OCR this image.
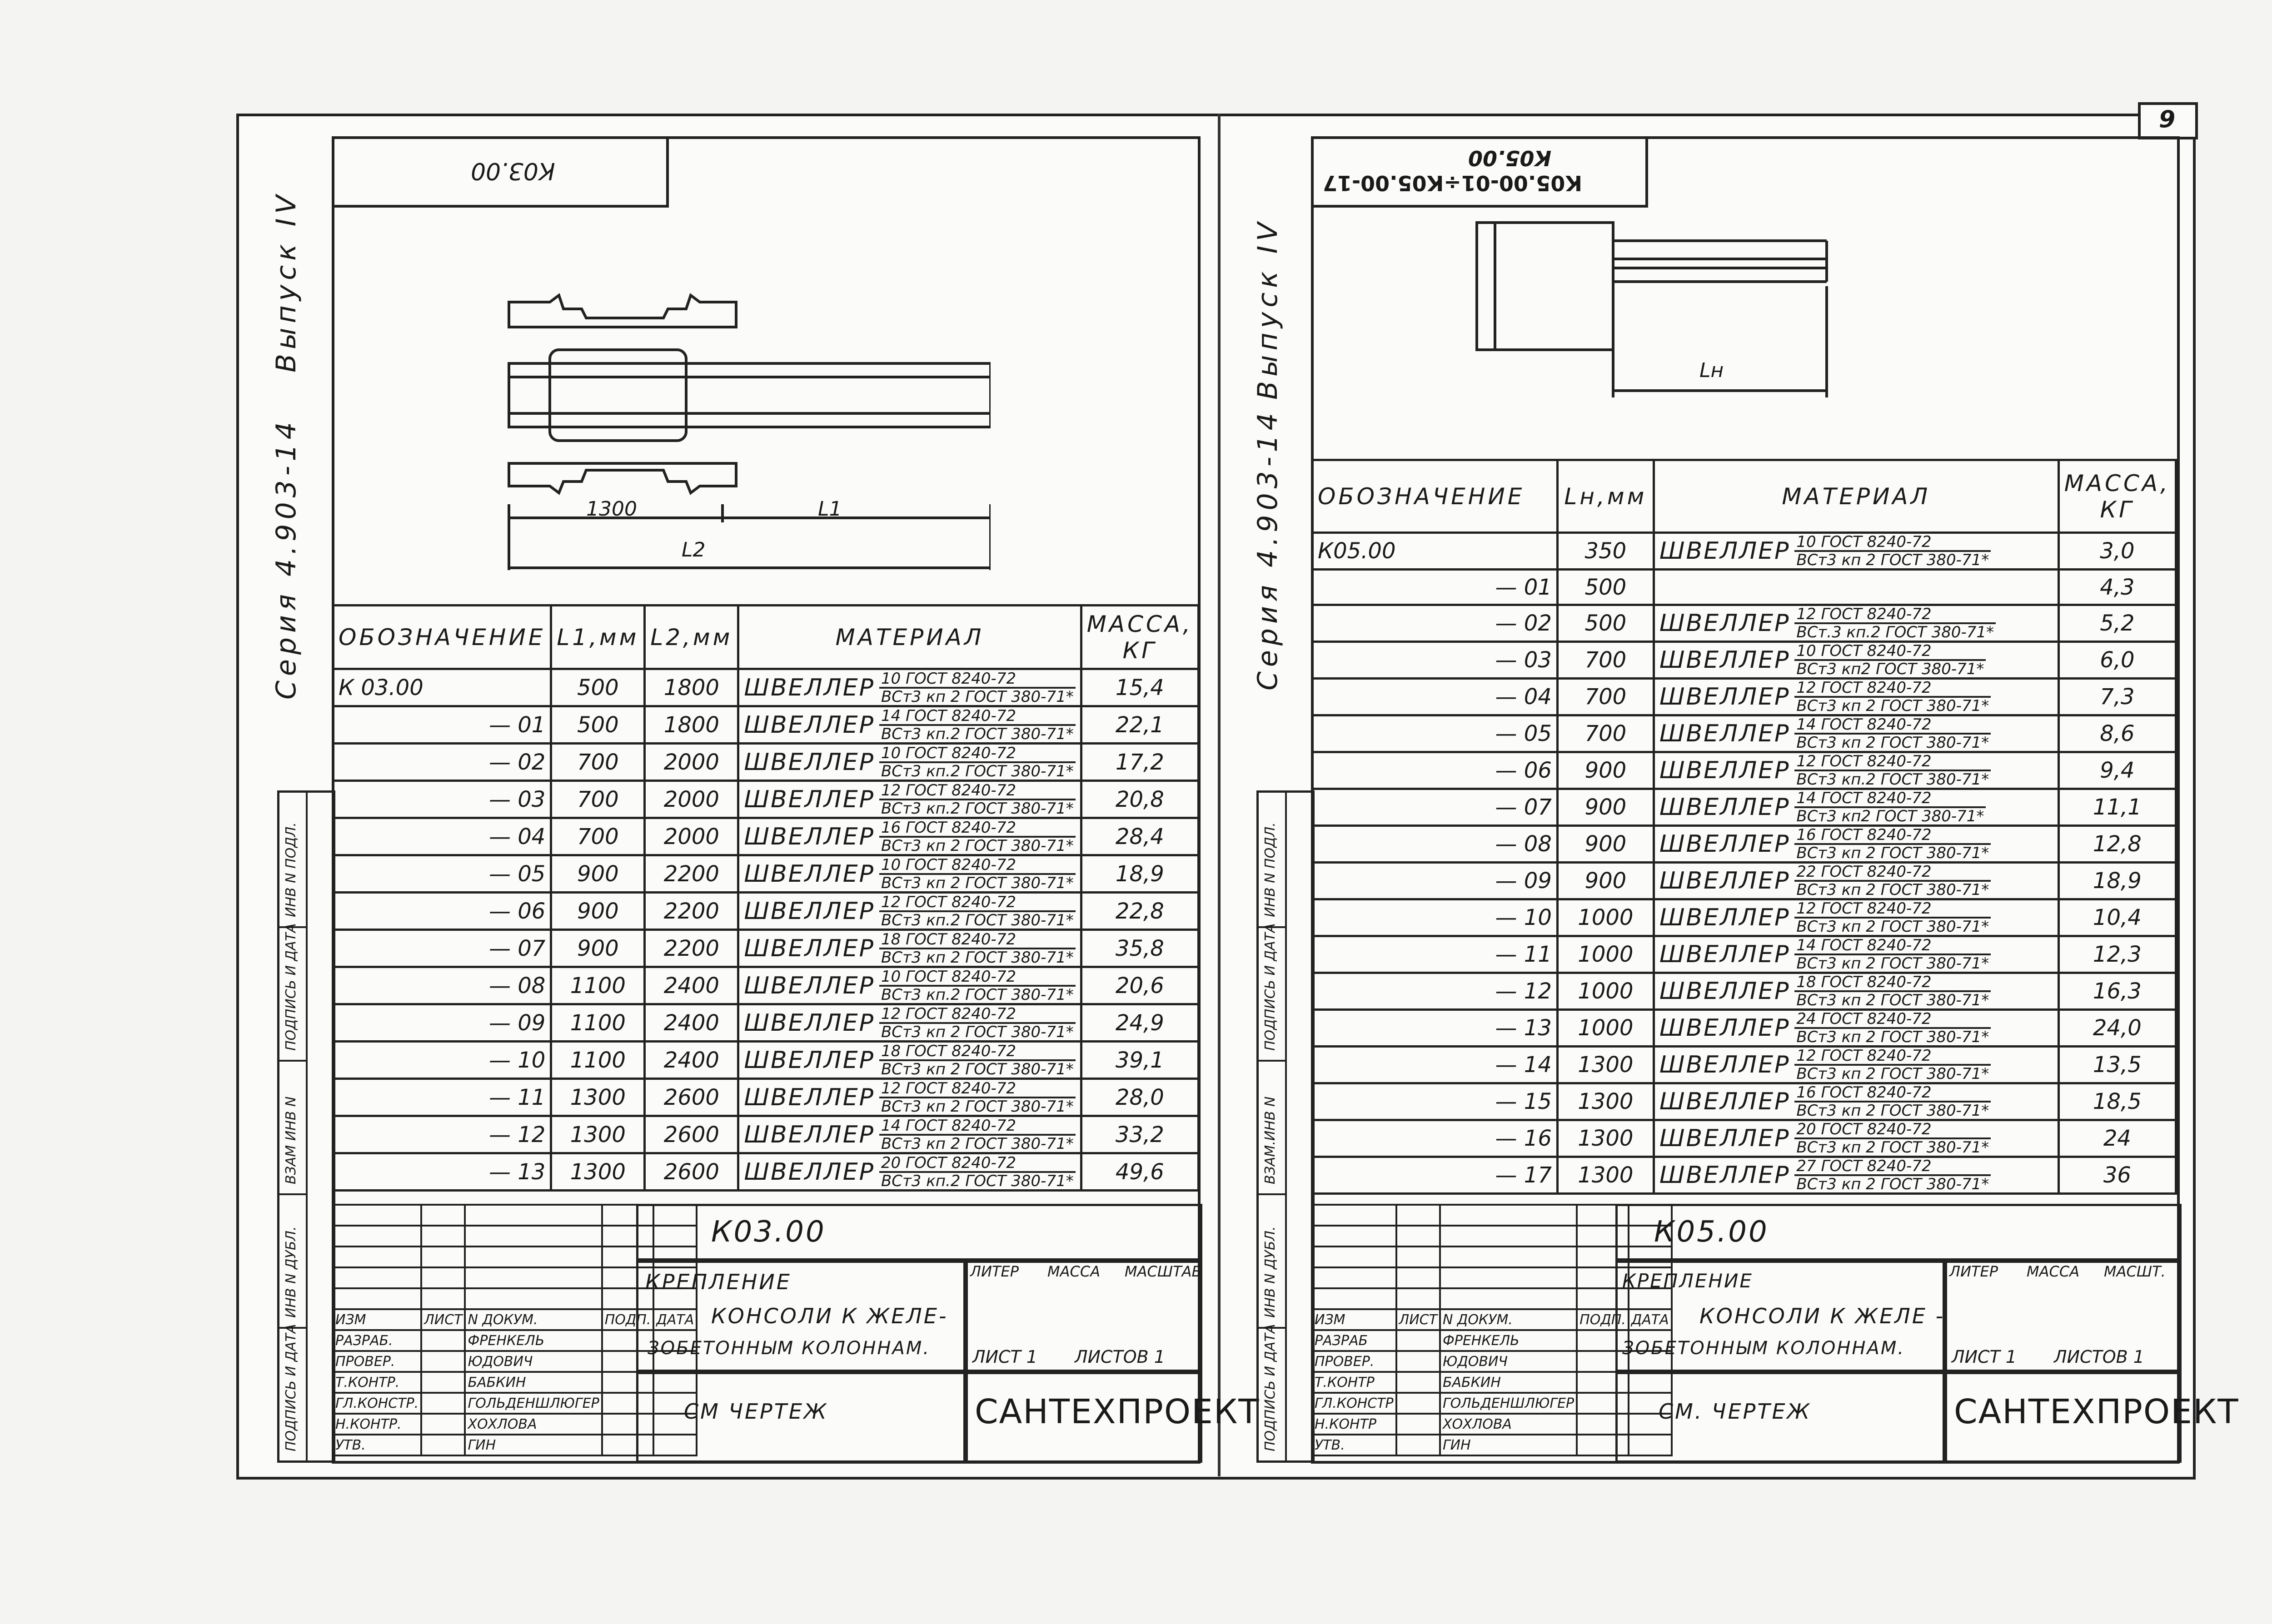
9
К03.00
Серия 4.903-14
Выпуск IV
1300	L1
L2
ОБОЗНАЧЕНИЕ	L1,мм	L2,мм	МАТЕРИАЛ	МАССА, КГ
К 03.00	500	1800	ШВЕЛЛЕР $\frac{\text{10 ГОСТ 8240-72}}{\text{ВСт3 кп 2 ГОСТ 380-71*}}$	15,4
— 01	500	1800	ШВЕЛЛЕР $\frac{\text{14 ГОСТ 8240-72}}{\text{ВСт3 кп.2 ГОСТ 380-71*}}$	22,1
— 02	700	2000	ШВЕЛЛЕР $\frac{\text{10 ГОСТ 8240-72}}{\text{ВСт3 кп.2 ГОСТ 380-71*}}$	17,2
— 03	700	2000	ШВЕЛЛЕР $\frac{\text{12 ГОСТ 8240-72}}{\text{ВСт3 кп.2 ГОСТ 380-71*}}$	20,8
— 04	700	2000	ШВЕЛЛЕР $\frac{\text{16 ГОСТ 8240-72}}{\text{ВСт3 кп 2 ГОСТ 380-71*}}$	28,4
— 05	900	2200	ШВЕЛЛЕР $\frac{\text{10 ГОСТ 8240-72}}{\text{ВСт3 кп 2 ГОСТ 380-71*}}$	18,9
— 06	900	2200	ШВЕЛЛЕР $\frac{\text{12 ГОСТ 8240-72}}{\text{ВСт3 кп.2 ГОСТ 380-71*}}$	22,8
— 07	900	2200	ШВЕЛЛЕР $\frac{\text{18 ГОСТ 8240-72}}{\text{ВСт3 кп 2 ГОСТ 380-71*}}$	35,8
— 08	1100	2400	ШВЕЛЛЕР $\frac{\text{10 ГОСТ 8240-72}}{\text{ВСт3 кп.2 ГОСТ 380-71*}}$	20,6
— 09	1100	2400	ШВЕЛЛЕР $\frac{\text{12 ГОСТ 8240-72}}{\text{ВСт3 кп 2 ГОСТ 380-71*}}$	24,9
— 10	1100	2400	ШВЕЛЛЕР $\frac{\text{18 ГОСТ 8240-72}}{\text{ВСт3 кп 2 ГОСТ 380-71*}}$	39,1
— 11	1300	2600	ШВЕЛЛЕР $\frac{\text{12 ГОСТ 8240-72}}{\text{ВСт3 кп 2 ГОСТ 380-71*}}$	28,0
— 12	1300	2600	ШВЕЛЛЕР $\frac{\text{14 ГОСТ 8240-72}}{\text{ВСт3 кп 2 ГОСТ 380-71*}}$	33,2
— 13	1300	2600	ШВЕЛЛЕР $\frac{\text{20 ГОСТ 8240-72}}{\text{ВСт3 кп.2 ГОСТ 380-71*}}$	49,6

ИЗМ	ЛИСТ	N ДОКУМ.	ПОДП.	ДАТА
РАЗРАБ.		ФРЕНКЕЛЬ		
ПРОВЕР.		ЮДОВИЧ		
Т.КОНТР.		БАБКИН		
ГЛ.КОНСТР.		ГОЛЬДЕНШЛЮГЕР		
Н.КОНТР.		ХОХЛОВА		
УТВ.		ГИН		
К03.00
КРЕПЛЕНИЕ
КОНСОЛИ К ЖЕЛЕ-
ЗОБЕТОННЫМ КОЛОННАМ.
ЛИТЕР МАССА МАСШТАБ
ЛИСТ 1 ЛИСТОВ 1
СМ ЧЕРТЕЖ	САНТЕХПРОЕКТ
ИНВ N ПОДЛ.
ПОДПИСЬ И ДАТА
ВЗАМ ИНВ N
ИНВ N ДУБЛ.
ПОДПИСЬ И ДАТА
К05.00-01÷К05.00-17
К05.00
Серия 4.903-14
Выпуск IV	Lн
ОБОЗНАЧЕНИЕ	Lн,мм	МАТЕРИАЛ	МАССА, КГ
К05.00	350	ШВЕЛЛЕР $\frac{\text{10 ГОСТ 8240-72}}{\text{ВСт3 кп 2 ГОСТ 380-71*}}$	3,0
— 01	500		4,3
— 02	500	ШВЕЛЛЕР $\frac{\text{12 ГОСТ 8240-72}}{\text{ВСт.3 кп.2 ГОСТ 380-71*}}$	5,2
— 03	700	ШВЕЛЛЕР $\frac{\text{10 ГОСТ 8240-72}}{\text{ВСт3 кп2 ГОСТ 380-71*}}$	6,0
— 04	700	ШВЕЛЛЕР $\frac{\text{12 ГОСТ 8240-72}}{\text{ВСт3 кп 2 ГОСТ 380-71*}}$	7,3
— 05	700	ШВЕЛЛЕР $\frac{\text{14 ГОСТ 8240-72}}{\text{ВСт3 кп 2 ГОСТ 380-71*}}$	8,6
— 06	900	ШВЕЛЛЕР $\frac{\text{12 ГОСТ 8240-72}}{\text{ВСт3 кп.2 ГОСТ 380-71*}}$	9,4
— 07	900	ШВЕЛЛЕР $\frac{\text{14 ГОСТ 8240-72}}{\text{ВСт3 кп2 ГОСТ 380-71*}}$	11,1
— 08	900	ШВЕЛЛЕР $\frac{\text{16 ГОСТ 8240-72}}{\text{ВСт3 кп 2 ГОСТ 380-71*}}$	12,8
— 09	900	ШВЕЛЛЕР $\frac{\text{22 ГОСТ 8240-72}}{\text{ВСт3 кп 2 ГОСТ 380-71*}}$	18,9
— 10	1000	ШВЕЛЛЕР $\frac{\text{12 ГОСТ 8240-72}}{\text{ВСт3 кп 2 ГОСТ 380-71*}}$	10,4
— 11	1000	ШВЕЛЛЕР $\frac{\text{14 ГОСТ 8240-72}}{\text{ВСт3 кп 2 ГОСТ 380-71*}}$	12,3
— 12	1000	ШВЕЛЛЕР $\frac{\text{18 ГОСТ 8240-72}}{\text{ВСт3 кп 2 ГОСТ 380-71*}}$	16,3
— 13	1000	ШВЕЛЛЕР $\frac{\text{24 ГОСТ 8240-72}}{\text{ВСт3 кп 2 ГОСТ 380-71*}}$	24,0
— 14	1300	ШВЕЛЛЕР $\frac{\text{12 ГОСТ 8240-72}}{\text{ВСт3 кп 2 ГОСТ 380-71*}}$	13,5
— 15	1300	ШВЕЛЛЕР $\frac{\text{16 ГОСТ 8240-72}}{\text{ВСт3 кп 2 ГОСТ 380-71*}}$	18,5
— 16	1300	ШВЕЛЛЕР $\frac{\text{20 ГОСТ 8240-72}}{\text{ВСт3 кп 2 ГОСТ 380-71*}}$	24
— 17	1300	ШВЕЛЛЕР $\frac{\text{27 ГОСТ 8240-72}}{\text{ВСт3 кп 2 ГОСТ 380-71*}}$	36

ИЗМ	ЛИСТ	N ДОКУМ.	ПОДП.	ДАТА
РАЗРАБ		ФРЕНКЕЛЬ		
ПРОВЕР.		ЮДОВИЧ		
Т.КОНТР		БАБКИН		
ГЛ.КОНСТР		ГОЛЬДЕНШЛЮГЕР		
Н.КОНТР		ХОХЛОВА		
УТВ.		ГИН		
К05.00
КРЕПЛЕНИЕ
КОНСОЛИ К ЖЕЛЕ -
ЗОБЕТОННЫМ КОЛОННАМ.
ЛИТЕР МАССА МАСШТ.
ЛИСТ 1 ЛИСТОВ 1
СМ. ЧЕРТЕЖ	САНТЕХПРОЕКТ
ИНВ N ПОДЛ.
ПОДПИСЬ И ДАТА
ВЗАМ.ИНВ N
ИНВ N ДУБЛ.
ПОДПИСЬ И ДАТА
